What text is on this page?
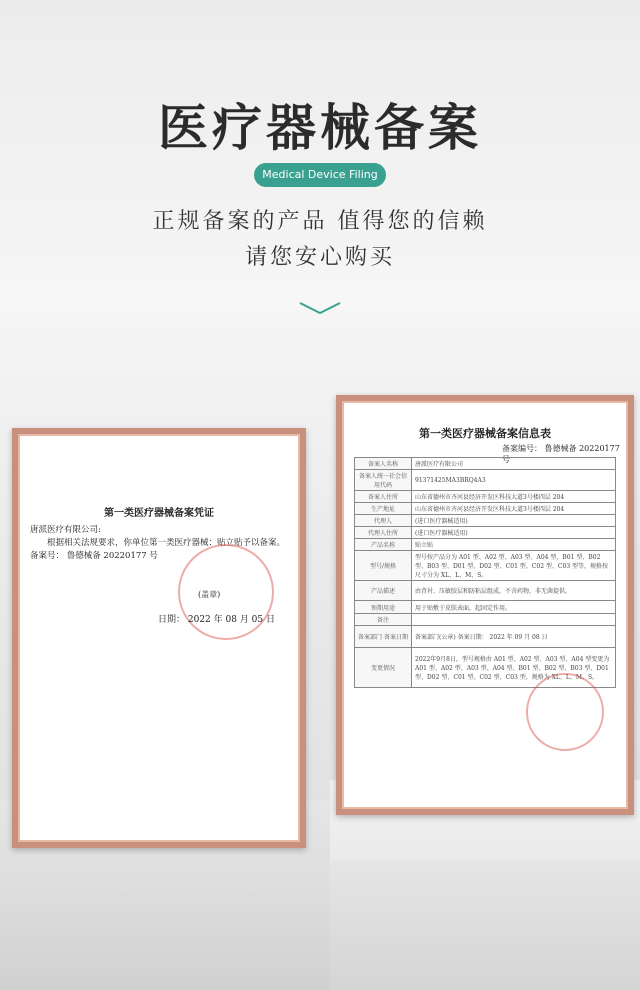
医疗器械备案
Medical Device Filing
正规备案的产品 值得您的信赖
请您安心购买
第一类医疗器械备案凭证
唐派医疗有限公司:
根据相关法规要求，你单位第一类医疗器械：贴立贴予以备案。备案号： 鲁德械备 20220177 号
(盖章)
日期： 2022 年 08 月 05 日
第一类医疗器械备案信息表
备案编号： 鲁德械备 20220177 号
备案人名称	唐派医疗有限公司
备案人统一社会信用代码	91371425MA3BRQ4A3
备案人住所	山东省德州市齐河县经济开发区科技大道3号楼四层 204
生产地址	山东省德州市齐河县经济开发区科技大道3号楼四层 204
代理人	(进口医疗器械适用)
代理人住所	(进口医疗器械适用)
产品名称	贴立贴
型号/规格	型号按产品分为 A01 型、A02 型、A03 型、A04 型、B01 型、B02 型、B03 型、D01 型、D02 型、C01 型、C02 型、C03 型等，规格按尺寸分为 XL、L、M、S。
产品描述	由背衬、压敏胶层和防粘层组成。不含药物，非无菌提供。
预期用途	用于贴敷于皮肤表面，起固定作用。
备注	
备案部门 备案日期	备案部门(公章) 备案日期： 2022 年 09 月 08 日
变更情况	2022年9月8日，型号规格由 A01 型、A02 型、A03 型、A04 型变更为 A01 型、A02 型、A03 型、A04 型、B01 型、B02 型、B03 型、D01 型、D02 型、C01 型、C02 型、C03 型，规格为 XL、L、M、S。
